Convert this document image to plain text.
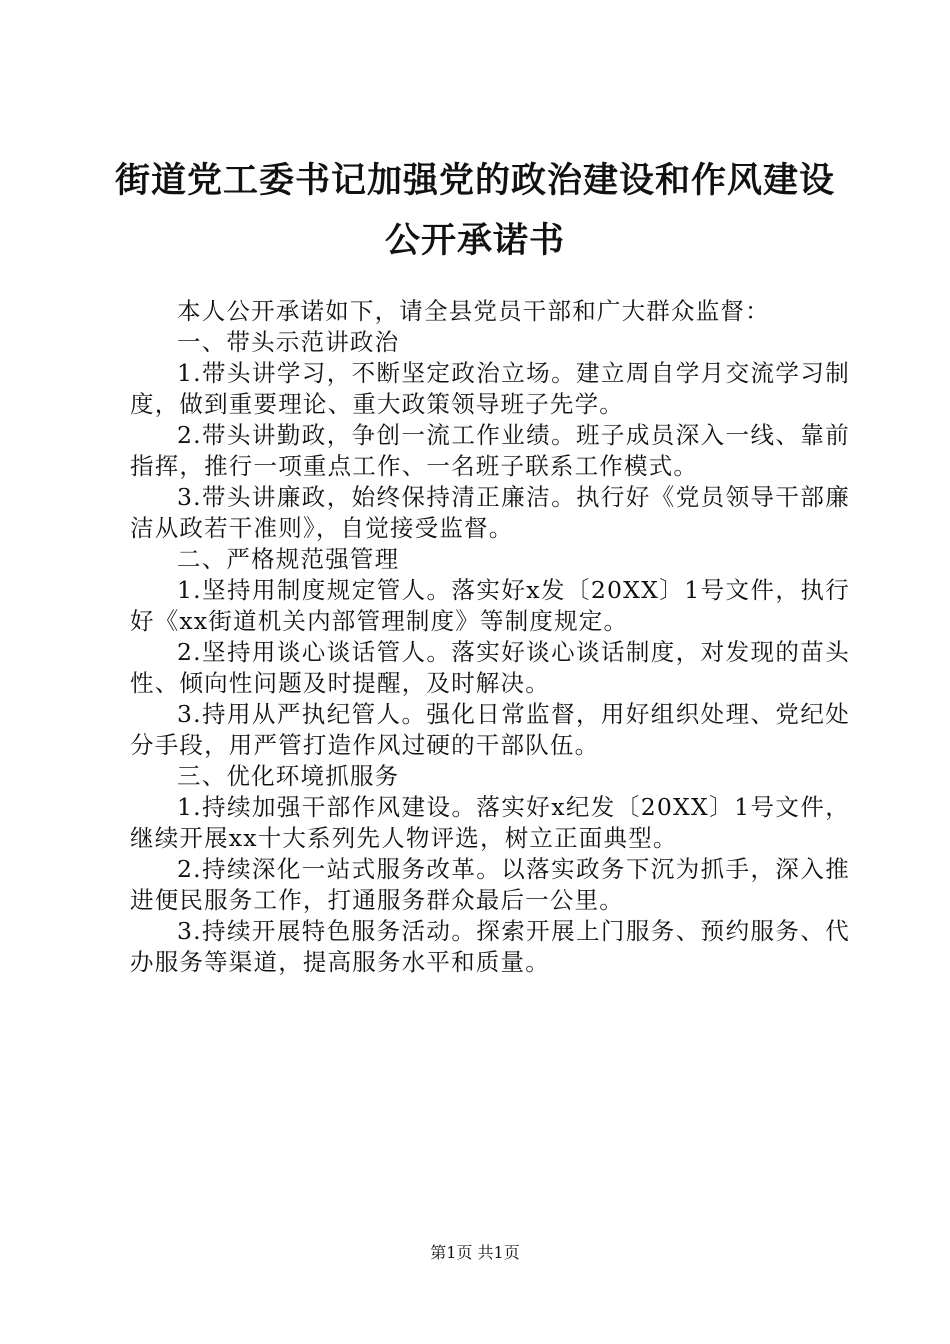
街道党工委书记加强党的政治建设和作风建设
公开承诺书

本人公开承诺如下，请全县党员干部和广大群众监督：

一、带头示范讲政治

1.带头讲学习，不断坚定政治立场。建立周自学月交流学习制度，做到重要理论、重大政策领导班子先学。

2.带头讲勤政，争创一流工作业绩。班子成员深入一线、靠前指挥，推行一项重点工作、一名班子联系工作模式。

3.带头讲廉政，始终保持清正廉洁。执行好《党员领导干部廉洁从政若干准则》，自觉接受监督。

二、严格规范强管理

1.坚持用制度规定管人。落实好x发〔20XX〕1号文件，执行好《xx街道机关内部管理制度》等制度规定。

2.坚持用谈心谈话管人。落实好谈心谈话制度，对发现的苗头性、倾向性问题及时提醒，及时解决。

3.持用从严执纪管人。强化日常监督，用好组织处理、党纪处分手段，用严管打造作风过硬的干部队伍。

三、优化环境抓服务

1.持续加强干部作风建设。落实好x纪发〔20XX〕1号文件，继续开展xx十大系列先人物评选，树立正面典型。

2.持续深化一站式服务改革。以落实政务下沉为抓手，深入推进便民服务工作，打通服务群众最后一公里。

3.持续开展特色服务活动。探索开展上门服务、预约服务、代办服务等渠道，提高服务水平和质量。

第1页 共1页
